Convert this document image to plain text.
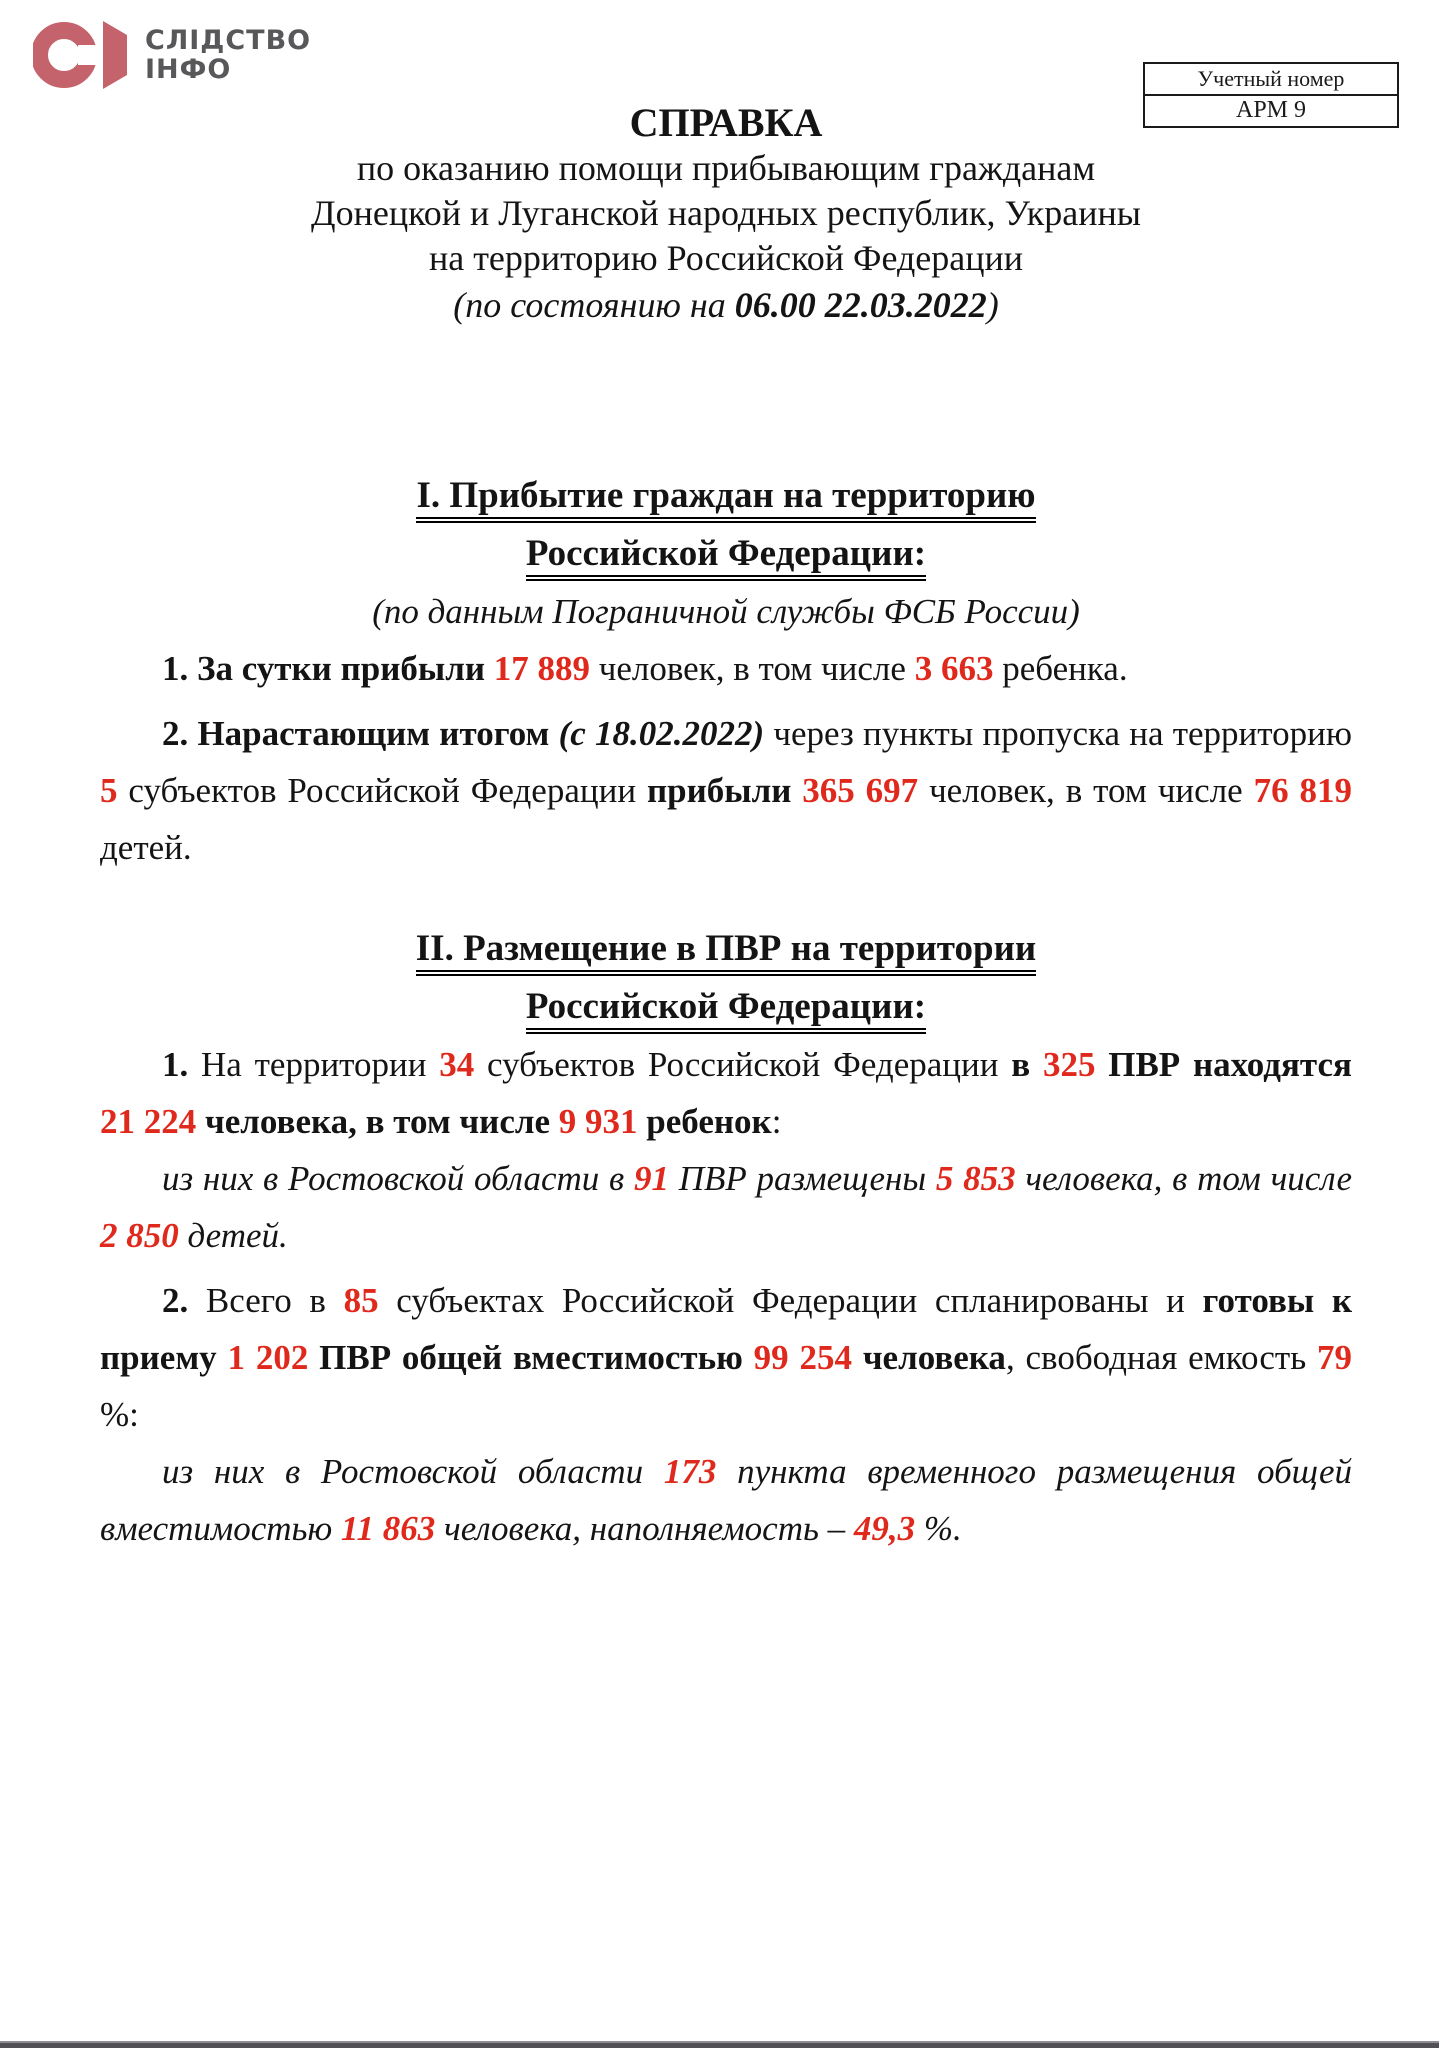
СЛІДСТВО
ІНФО	Учетный номер
АРМ 9
СПРАВКА
по оказанию помощи прибывающим гражданам
Донецкой и Луганской народных республик, Украины
на территорию Российской Федерации
(по состоянию на 06.00 22.03.2022)
I. Прибытие граждан на территорию
Российской Федерации:
(по данным Пограничной службы ФСБ России)

1. За сутки прибыли 17 889 человек, в том числе 3 663 ребенка.

2. Нарастающим итогом (с 18.02.2022) через пункты пропуска на территорию 5 субъектов Российской Федерации прибыли 365 697 человек, в том числе 76 819 детей.

II. Размещение в ПВР на территории
Российской Федерации:

1. На территории 34 субъектов Российской Федерации в 325 ПВР находятся 21 224 человека, в том числе 9 931 ребенок:

из них в Ростовской области в 91 ПВР размещены 5 853 человека, в том числе 2 850 детей.

2. Всего в 85 субъектах Российской Федерации спланированы и готовы к приему 1 202 ПВР общей вместимостью 99 254 человека, свободная емкость 79 %:

из них в Ростовской области 173 пункта временного размещения общей вместимостью 11 863 человека, наполняемость – 49,3 %.
